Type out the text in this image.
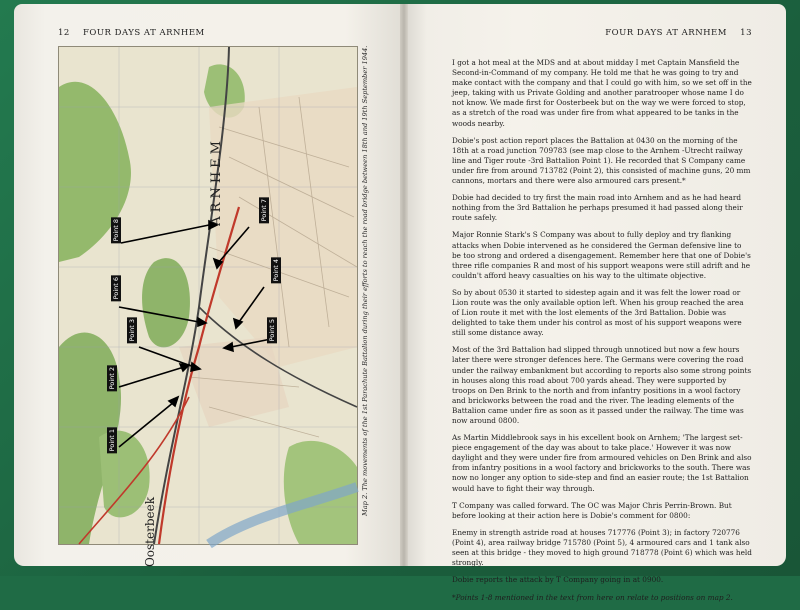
12 FOUR DAYS AT ARNHEM
Point 8
Point 6
Point 3
Point 2
Point 1
Point 7
Point 4
Point 5
ARNHEM
Oosterbeek
Map 2. The movements of the 1st Parachute Battalion during their efforts to reach the road bridge between 18th and 19th September 1944.
FOUR DAYS AT ARNHEM 13

I got a hot meal at the MDS and at about midday I met Captain Mansfield the Second-in-Command of my company. He told me that he was going to try and make contact with the company and that I could go with him, so we set off in the jeep, taking with us Private Golding and another paratrooper whose name I do not know. We made first for Oosterbeek but on the way we were forced to stop, as a stretch of the road was under fire from what appeared to be tanks in the woods nearby.

Dobie's post action report places the Battalion at 0430 on the morning of the 18th at a road junction 709783 (see map close to the Arnhem -Utrecht railway line and Tiger route -3rd Battalion Point 1). He recorded that S Company came under fire from around 713782 (Point 2), this consisted of machine guns, 20 mm cannons, mortars and there were also armoured cars present.*

Dobie had decided to try first the main road into Arnhem and as he had heard nothing from the 3rd Battalion he perhaps presumed it had passed along their route safely.

Major Ronnie Stark's S Company was about to fully deploy and try flanking attacks when Dobie intervened as he considered the German defensive line to be too strong and ordered a disengagement. Remember here that one of Dobie's three rifle companies R and most of his support weapons were still adrift and he couldn't afford heavy casualties on his way to the ultimate objective.

So by about 0530 it started to sidestep again and it was felt the lower road or Lion route was the only available option left. When his group reached the area of Lion route it met with the lost elements of the 3rd Battalion. Dobie was delighted to take them under his control as most of his support weapons were still some distance away.

Most of the 3rd Battalion had slipped through unnoticed but now a few hours later there were stronger defences here. The Germans were covering the road under the railway embankment but according to reports also some strong points in houses along this road about 700 yards ahead. They were supported by troops on Den Brink to the north and from infantry positions in a wool factory and brickworks between the road and the river. The leading elements of the Battalion came under fire as soon as it passed under the railway. The time was now around 0800.

As Martin Middlebrook says in his excellent book on Arnhem; 'The largest set-piece engagement of the day was about to take place.' However it was now daylight and they were under fire from armoured vehicles on Den Brink and also from infantry positions in a wool factory and brickworks to the south. There was now no longer any option to side-step and find an easier route; the 1st Battalion would have to fight their way through.

T Company was called forward. The OC was Major Chris Perrin-Brown. But before looking at their action here is Dobie's comment for 0800:

Enemy in strength astride road at houses 717776 (Point 3); in factory 720776 (Point 4), area railway bridge 715780 (Point 5), 4 armoured cars and 1 tank also seen at this bridge - they moved to high ground 718778 (Point 6) which was held strongly.

Dobie reports the attack by T Company going in at 0900.

*Points 1-8 mentioned in the text from here on relate to positions on map 2.
